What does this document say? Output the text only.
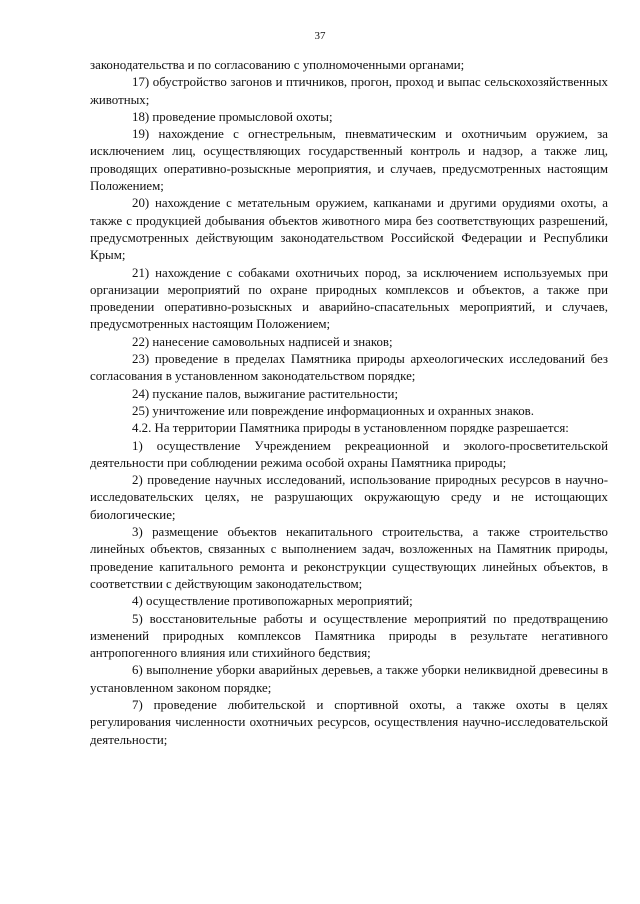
37

законодательства и по согласованию с уполномоченными органами;

17) обустройство загонов и птичников, прогон, проход и выпас сельскохозяйственных животных;

18) проведение промысловой охоты;

19) нахождение с огнестрельным, пневматическим и охотничьим оружием, за исключением лиц, осуществляющих государственный контроль и надзор, а также лиц, проводящих оперативно-розыскные мероприятия, и случаев, предусмотренных настоящим Положением;

20) нахождение с метательным оружием, капканами и другими орудиями охоты, а также с продукцией добывания объектов животного мира без соответствующих разрешений, предусмотренных действующим законодательством Российской Федерации и Республики Крым;

21) нахождение с собаками охотничьих пород, за исключением используемых при организации мероприятий по охране природных комплексов и объектов, а также при проведении оперативно-розыскных и аварийно-спасательных мероприятий, и случаев, предусмотренных настоящим Положением;

22) нанесение самовольных надписей и знаков;

23) проведение в пределах Памятника природы археологических исследований без согласования в установленном законодательством порядке;

24) пускание палов, выжигание растительности;

25) уничтожение или повреждение информационных и охранных знаков.

4.2. На территории Памятника природы в установленном порядке разрешается:

1) осуществление Учреждением рекреационной и эколого-просветительской деятельности при соблюдении режима особой охраны Памятника природы;

2) проведение научных исследований, использование природных ресурсов в научно-исследовательских целях, не разрушающих окружающую среду и не истощающих биологические;

3) размещение объектов некапитального строительства, а также строительство линейных объектов, связанных с выполнением задач, возложенных на Памятник природы, проведение капитального ремонта и реконструкции существующих линейных объектов, в соответствии с действующим законодательством;

4) осуществление противопожарных мероприятий;

5) восстановительные работы и осуществление мероприятий по предотвращению изменений природных комплексов Памятника природы в результате негативного антропогенного влияния или стихийного бедствия;

6) выполнение уборки аварийных деревьев, а также уборки неликвидной древесины в установленном законом порядке;

7) проведение любительской и спортивной охоты, а также охоты в целях регулирования численности охотничьих ресурсов, осуществления научно-исследовательской деятельности;
